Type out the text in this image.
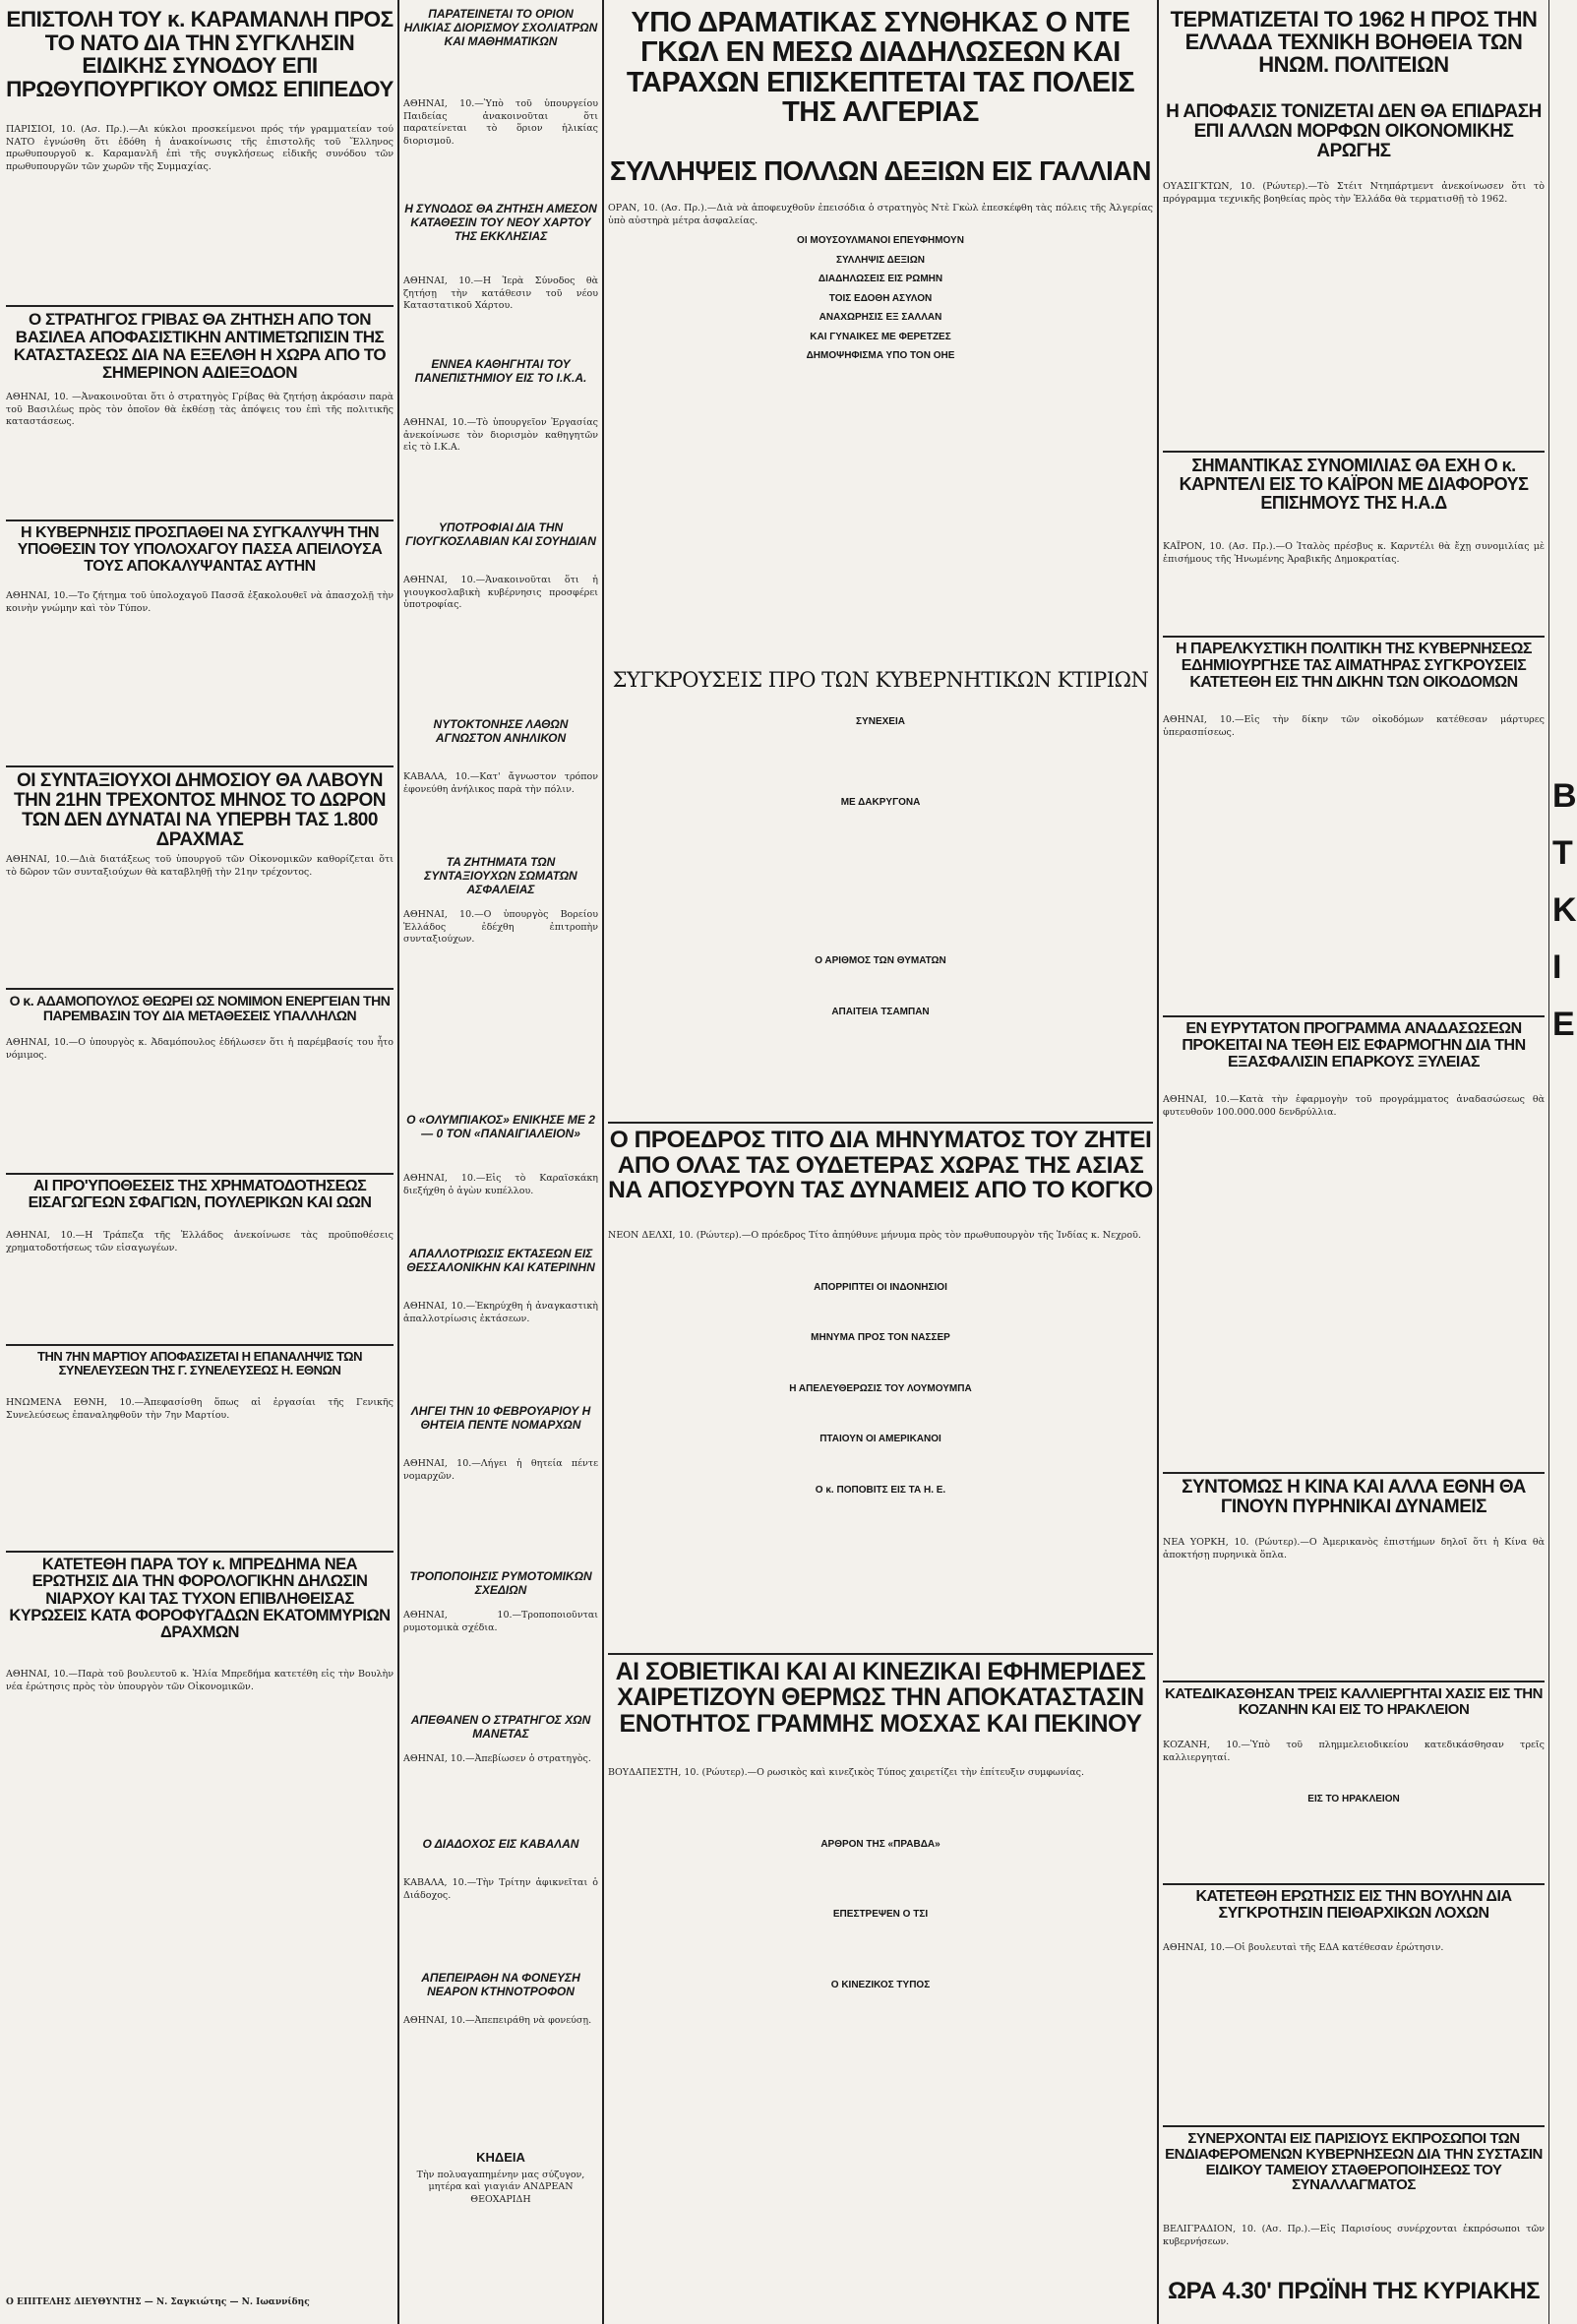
ΕΠΙΣΤΟΛΗ ΤΟΥ κ. ΚΑΡΑΜΑΝΛΗ ΠΡΟΣ ΤΟ ΝΑΤΟ ΔΙΑ ΤΗΝ ΣΥΓΚΛΗΣΙΝ ΕΙΔΙΚΗΣ ΣΥΝΟΔΟΥ ΕΠΙ ΠΡΩΘΥΠΟΥΡΓΙΚΟΥ ΟΜΩΣ ΕΠΙΠΕΔΟΥ

ΠΑΡΙΣΙΟΙ, 10. (Ασ. Πρ.).—Αι κύκλοι προσκείμενοι πρός τήν γραμματείαν τού ΝΑΤΟ ἐγνώσθη ὅτι ἐδόθη ἡ ἀνακοίνωσις τῆς ἐπιστολῆς τοῦ Ἕλληνος πρωθυπουργοῦ κ. Καραμανλῆ ἐπὶ τῆς συγκλήσεως εἰδικῆς συνόδου τῶν πρωθυπουργῶν τῶν χωρῶν τῆς Συμμαχίας.

Ο ΣΤΡΑΤΗΓΟΣ ΓΡΙΒΑΣ ΘΑ ΖΗΤΗΣΗ ΑΠΟ ΤΟΝ ΒΑΣΙΛΕΑ ΑΠΟΦΑΣΙΣΤΙΚΗΝ ΑΝΤΙΜΕΤΩΠΙΣΙΝ ΤΗΣ ΚΑΤΑΣΤΑΣΕΩΣ ΔΙΑ ΝΑ ΕΞΕΛΘΗ Η ΧΩΡΑ ΑΠΟ ΤΟ ΣΗΜΕΡΙΝΟΝ ΑΔΙΕΞΟΔΟΝ

ΑΘΗΝΑΙ, 10. —Ἀνακοινοῦται ὅτι ὁ στρατηγὸς Γρίβας θὰ ζητήσῃ ἀκρόασιν παρὰ τοῦ Βασιλέως πρὸς τὸν ὁποῖον θὰ ἐκθέσῃ τὰς ἀπόψεις του ἐπὶ τῆς πολιτικῆς καταστάσεως.

Η ΚΥΒΕΡΝΗΣΙΣ ΠΡΟΣΠΑΘΕΙ ΝΑ ΣΥΓΚΑΛΥΨΗ ΤΗΝ ΥΠΟΘΕΣΙΝ ΤΟΥ ΥΠΟΛΟΧΑΓΟΥ ΠΑΣΣΑ ΑΠΕΙΛΟΥΣΑ ΤΟΥΣ ΑΠΟΚΑΛΥΨΑΝΤΑΣ ΑΥΤΗΝ

ΑΘΗΝΑΙ, 10.—Το ζήτημα τοῦ ὑπολοχαγοῦ Πασσᾶ ἐξακολουθεῖ νὰ ἀπασχολῇ τὴν κοινὴν γνώμην καὶ τὸν Τύπον.

ΟΙ ΣΥΝΤΑΞΙΟΥΧΟΙ ΔΗΜΟΣΙΟΥ ΘΑ ΛΑΒΟΥΝ ΤΗΝ 21ΗΝ ΤΡΕΧΟΝΤΟΣ ΜΗΝΟΣ ΤΟ ΔΩΡΟΝ ΤΩΝ ΔΕΝ ΔΥΝΑΤΑΙ ΝΑ ΥΠΕΡΒΗ ΤΑΣ 1.800 ΔΡΑΧΜΑΣ

ΑΘΗΝΑΙ, 10.—Διὰ διατάξεως τοῦ ὑπουργοῦ τῶν Οἰκονομικῶν καθορίζεται ὅτι τὸ δῶρον τῶν συνταξιούχων θὰ καταβληθῇ τὴν 21ην τρέχοντος.

Ο κ. ΑΔΑΜΟΠΟΥΛΟΣ ΘΕΩΡΕΙ ΩΣ ΝΟΜΙΜΟΝ ΕΝΕΡΓΕΙΑΝ ΤΗΝ ΠΑΡΕΜΒΑΣΙΝ ΤΟΥ ΔΙΑ ΜΕΤΑΘΕΣΕΙΣ ΥΠΑΛΛΗΛΩΝ

ΑΘΗΝΑΙ, 10.—Ο ὑπουργὸς κ. Ἀδαμόπουλος ἐδήλωσεν ὅτι ἡ παρέμβασίς του ἦτο νόμιμος.

ΑΙ ΠΡΟ'ΥΠΟΘΕΣΕΙΣ ΤΗΣ ΧΡΗΜΑΤΟΔΟΤΗΣΕΩΣ ΕΙΣΑΓΩΓΕΩΝ ΣΦΑΓΙΩΝ, ΠΟΥΛΕΡΙΚΩΝ ΚΑΙ ΩΩΝ

ΑΘΗΝΑΙ, 10.—Η Τράπεζα τῆς Ἑλλάδος ἀνεκοίνωσε τὰς προϋποθέσεις χρηματοδοτήσεως τῶν εἰσαγωγέων.

ΤΗΝ 7ΗΝ ΜΑΡΤΙΟΥ ΑΠΟΦΑΣΙΖΕΤΑΙ Η ΕΠΑΝΑΛΗΨΙΣ ΤΩΝ ΣΥΝΕΛΕΥΣΕΩΝ ΤΗΣ Γ. ΣΥΝΕΛΕΥΣΕΩΣ Η. ΕΘΝΩΝ

ΗΝΩΜΕΝΑ ΕΘΝΗ, 10.—Ἀπεφασίσθη ὅπως αἱ ἐργασίαι τῆς Γενικῆς Συνελεύσεως ἐπαναληφθοῦν τὴν 7ην Μαρτίου.

ΚΑΤΕΤΕΘΗ ΠΑΡΑ ΤΟΥ κ. ΜΠΡΕΔΗΜΑ ΝΕΑ ΕΡΩΤΗΣΙΣ ΔΙΑ ΤΗΝ ΦΟΡΟΛΟΓΙΚΗΝ ΔΗΛΩΣΙΝ ΝΙΑΡΧΟΥ ΚΑΙ ΤΑΣ ΤΥΧΟΝ ΕΠΙΒΛΗΘΕΙΣΑΣ ΚΥΡΩΣΕΙΣ ΚΑΤΑ ΦΟΡΟΦΥΓΑΔΩΝ ΕΚΑΤΟΜΜΥΡΙΩΝ ΔΡΑΧΜΩΝ

ΑΘΗΝΑΙ, 10.—Παρὰ τοῦ βουλευτοῦ κ. Ἠλία Μπρεδήμα κατετέθη εἰς τὴν Βουλὴν νέα ἐρώτησις πρὸς τὸν ὑπουργὸν τῶν Οἰκονομικῶν.

Ο ΕΠΙΤΕΛΗΣ ΔΙΕΥΘΥΝΤΗΣ — Ν. Σαγκιώτης — Ν. Ιωαννίδης

ΠΑΡΑΤΕΙΝΕΤΑΙ ΤΟ ΟΡΙΟΝ ΗΛΙΚΙΑΣ ΔΙΟΡΙΣΜΟΥ ΣΧΟΛΙΑΤΡΩΝ ΚΑΙ ΜΑΘΗΜΑΤΙΚΩΝ

ΑΘΗΝΑΙ, 10.—Ὑπὸ τοῦ ὑπουργείου Παιδείας ἀνακοινοῦται ὅτι παρατείνεται τὸ ὅριον ἡλικίας διορισμοῦ.

Η ΣΥΝΟΔΟΣ ΘΑ ΖΗΤΗΣΗ ΑΜΕΣΟΝ ΚΑΤΑΘΕΣΙΝ ΤΟΥ ΝΕΟΥ ΧΑΡΤΟΥ ΤΗΣ ΕΚΚΛΗΣΙΑΣ

ΑΘΗΝΑΙ, 10.—Η Ἱερὰ Σύνοδος θὰ ζητήσῃ τὴν κατάθεσιν τοῦ νέου Καταστατικοῦ Χάρτου.

ΕΝΝΕΑ ΚΑΘΗΓΗΤΑΙ ΤΟΥ ΠΑΝΕΠΙΣΤΗΜΙΟΥ ΕΙΣ ΤΟ Ι.Κ.Α.

ΑΘΗΝΑΙ, 10.—Τὸ ὑπουργεῖον Ἐργασίας ἀνεκοίνωσε τὸν διορισμὸν καθηγητῶν εἰς τὸ Ι.Κ.Α.

ΥΠΟΤΡΟΦΙΑΙ ΔΙΑ ΤΗΝ ΓΙΟΥΓΚΟΣΛΑΒΙΑΝ ΚΑΙ ΣΟΥΗΔΙΑΝ

ΑΘΗΝΑΙ, 10.—Ἀνακοινοῦται ὅτι ἡ γιουγκοσλαβικὴ κυβέρνησις προσφέρει ὑποτροφίας.

ΝΥΤΟΚΤΟΝΗΣΕ ΛΑΘΩΝ ΑΓΝΩΣΤΟΝ ΑΝΗΛΙΚΟΝ

ΚΑΒΑΛΑ, 10.—Κατ' ἄγνωστον τρόπον ἐφονεύθη ἀνήλικος παρὰ τὴν πόλιν.

ΤΑ ΖΗΤΗΜΑΤΑ ΤΩΝ ΣΥΝΤΑΞΙΟΥΧΩΝ ΣΩΜΑΤΩΝ ΑΣΦΑΛΕΙΑΣ

ΑΘΗΝΑΙ, 10.—Ο ὑπουργὸς Βορείου Ἑλλάδος ἐδέχθη ἐπιτροπὴν συνταξιούχων.

Ο «ΟΛΥΜΠΙΑΚΟΣ» ΕΝΙΚΗΣΕ ΜΕ 2 — 0 ΤΟΝ «ΠΑΝΑΙΓΙΑΛΕΙΟΝ»

ΑΘΗΝΑΙ, 10.—Εἰς τὸ Καραϊσκάκη διεξήχθη ὁ ἀγὼν κυπέλλου.

ΑΠΑΛΛΟΤΡΙΩΣΙΣ ΕΚΤΑΣΕΩΝ ΕΙΣ ΘΕΣΣΑΛΟΝΙΚΗΝ ΚΑΙ ΚΑΤΕΡΙΝΗΝ

ΑΘΗΝΑΙ, 10.—Ἐκηρύχθη ἡ ἀναγκαστικὴ ἀπαλλοτρίωσις ἐκτάσεων.

ΛΗΓΕΙ ΤΗΝ 10 ΦΕΒΡΟΥΑΡΙΟΥ Η ΘΗΤΕΙΑ ΠΕΝΤΕ ΝΟΜΑΡΧΩΝ

ΑΘΗΝΑΙ, 10.—Λήγει ἡ θητεία πέντε νομαρχῶν.

ΤΡΟΠΟΠΟΙΗΣΙΣ ΡΥΜΟΤΟΜΙΚΩΝ ΣΧΕΔΙΩΝ

ΑΘΗΝΑΙ, 10.—Τροποποιοῦνται ρυμοτομικὰ σχέδια.

ΑΠΕΘΑΝΕΝ Ο ΣΤΡΑΤΗΓΟΣ ΧΩΝ ΜΑΝΕΤΑΣ

ΑΘΗΝΑΙ, 10.—Ἀπεβίωσεν ὁ στρατηγὸς.

Ο ΔΙΑΔΟΧΟΣ ΕΙΣ ΚΑΒΑΛΑΝ

ΚΑΒΑΛΑ, 10.—Τὴν Τρίτην ἀφικνεῖται ὁ Διάδοχος.

ΑΠΕΠΕΙΡΑΘΗ ΝΑ ΦΟΝΕΥΣΗ ΝΕΑΡΟΝ ΚΤΗΝΟΤΡΟΦΟΝ

ΑΘΗΝΑΙ, 10.—Ἀπεπειράθη νὰ φονεύσῃ.

ΚΗΔΕΙΑ

Τὴν πολυαγαπημένην μας σύζυγον, μητέρα καὶ γιαγιάν ΑΝΔΡΕΑΝ ΘΕΟΧΑΡΙΔΗ

ΥΠΟ ΔΡΑΜΑΤΙΚΑΣ ΣΥΝΘΗΚΑΣ Ο ΝΤΕ ΓΚΩΛ ΕΝ ΜΕΣΩ ΔΙΑΔΗΛΩΣΕΩΝ ΚΑΙ ΤΑΡΑΧΩΝ ΕΠΙΣΚΕΠΤΕΤΑΙ ΤΑΣ ΠΟΛΕΙΣ ΤΗΣ ΑΛΓΕΡΙΑΣ

ΣΥΛΛΗΨΕΙΣ ΠΟΛΛΩΝ ΔΕΞΙΩΝ ΕΙΣ ΓΑΛΛΙΑΝ

ΟΡΑΝ, 10. (Ασ. Πρ.).—Διὰ νὰ ἀποφευχθοῦν ἐπεισόδια ὁ στρατηγὸς Ντὲ Γκὼλ ἐπεσκέφθη τὰς πόλεις τῆς Ἀλγερίας ὑπὸ αὐστηρὰ μέτρα ἀσφαλείας.

ΟΙ ΜΟΥΣΟΥΛΜΑΝΟΙ ΕΠΕΥΦΗΜΟΥΝ

ΣΥΛΛΗΨΙΣ ΔΕΞΙΩΝ

ΔΙΑΔΗΛΩΣΕΙΣ ΕΙΣ ΡΩΜΗΝ

ΤΟΙΣ ΕΔΟΘΗ ΑΣΥΛΟΝ

ΑΝΑΧΩΡΗΣΙΣ ΕΞ ΣΑΛΛΑΝ

ΚΑΙ ΓΥΝΑΙΚΕΣ ΜΕ ΦΕΡΕΤΖΕΣ

ΔΗΜΟΨΗΦΙΣΜΑ ΥΠΟ ΤΟΝ ΟΗΕ

ΣΥΓΚΡΟΥΣΕΙΣ ΠΡΟ ΤΩΝ ΚΥΒΕΡΝΗΤΙΚΩΝ ΚΤΙΡΙΩΝ

ΣΥΝΕΧΕΙΑ

ΜΕ ΔΑΚΡΥΓΟΝΑ

Ο ΑΡΙΘΜΟΣ ΤΩΝ ΘΥΜΑΤΩΝ

ΑΠΑΙΤΕΙΑ ΤΣΑΜΠΑΝ

Ο ΠΡΟΕΔΡΟΣ ΤΙΤΟ ΔΙΑ ΜΗΝΥΜΑΤΟΣ ΤΟΥ ΖΗΤΕΙ ΑΠΟ ΟΛΑΣ ΤΑΣ ΟΥΔΕΤΕΡΑΣ ΧΩΡΑΣ ΤΗΣ ΑΣΙΑΣ ΝΑ ΑΠΟΣΥΡΟΥΝ ΤΑΣ ΔΥΝΑΜΕΙΣ ΑΠΟ ΤΟ ΚΟΓΚΟ

ΝΕΟΝ ΔΕΛΧΙ, 10. (Ρώυτερ).—Ο πρόεδρος Τίτο ἀπηύθυνε μήνυμα πρὸς τὸν πρωθυπουργὸν τῆς Ἰνδίας κ. Νεχροῦ.

ΑΠΟΡΡΙΠΤΕΙ ΟΙ ΙΝΔΟΝΗΣΙΟΙ

ΜΗΝΥΜΑ ΠΡΟΣ ΤΟΝ ΝΑΣΣΕΡ

Η ΑΠΕΛΕΥΘΕΡΩΣΙΣ ΤΟΥ ΛΟΥΜΟΥΜΠΑ

ΠΤΑΙΟΥΝ ΟΙ ΑΜΕΡΙΚΑΝΟΙ

Ο κ. ΠΟΠΟΒΙΤΣ ΕΙΣ ΤΑ Η. Ε.

ΑΙ ΣΟΒΙΕΤΙΚΑΙ ΚΑΙ ΑΙ ΚΙΝΕΖΙΚΑΙ ΕΦΗΜΕΡΙΔΕΣ ΧΑΙΡΕΤΙΖΟΥΝ ΘΕΡΜΩΣ ΤΗΝ ΑΠΟΚΑΤΑΣΤΑΣΙΝ ΕΝΟΤΗΤΟΣ ΓΡΑΜΜΗΣ ΜΟΣΧΑΣ ΚΑΙ ΠΕΚΙΝΟΥ

ΒΟΥΔΑΠΕΣΤΗ, 10. (Ρώυτερ).—Ο ρωσικὸς καὶ κινεζικὸς Τύπος χαιρετίζει τὴν ἐπίτευξιν συμφωνίας.

ΑΡΘΡΟΝ ΤΗΣ «ΠΡΑΒΔΑ»

ΕΠΕΣΤΡΕΨΕΝ Ο ΤΣΙ

Ο ΚΙΝΕΖΙΚΟΣ ΤΥΠΟΣ

ΤΕΡΜΑΤΙΖΕΤΑΙ ΤΟ 1962 Η ΠΡΟΣ ΤΗΝ ΕΛΛΑΔΑ ΤΕΧΝΙΚΗ ΒΟΗΘΕΙΑ ΤΩΝ ΗΝΩΜ. ΠΟΛΙΤΕΙΩΝ

Η ΑΠΟΦΑΣΙΣ ΤΟΝΙΖΕΤΑΙ ΔΕΝ ΘΑ ΕΠΙΔΡΑΣΗ ΕΠΙ ΑΛΛΩΝ ΜΟΡΦΩΝ ΟΙΚΟΝΟΜΙΚΗΣ ΑΡΩΓΗΣ

ΟΥΑΣΙΓΚΤΩΝ, 10. (Ρώυτερ).—Τὸ Στέιτ Ντηπάρτμεντ ἀνεκοίνωσεν ὅτι τὸ πρόγραμμα τεχνικῆς βοηθείας πρὸς τὴν Ἑλλάδα θὰ τερματισθῇ τὸ 1962.

ΣΗΜΑΝΤΙΚΑΣ ΣΥΝΟΜΙΛΙΑΣ ΘΑ ΕΧΗ Ο κ. ΚΑΡΝΤΕΛΙ ΕΙΣ ΤΟ ΚΑΪΡΟΝ ΜΕ ΔΙΑΦΟΡΟΥΣ ΕΠΙΣΗΜΟΥΣ ΤΗΣ Η.Α.Δ

ΚΑΪΡΟΝ, 10. (Ασ. Πρ.).—Ο Ἰταλὸς πρέσβυς κ. Καρντέλι θὰ ἔχῃ συνομιλίας μὲ ἐπισήμους τῆς Ἡνωμένης Ἀραβικῆς Δημοκρατίας.

Η ΠΑΡΕΛΚΥΣΤΙΚΗ ΠΟΛΙΤΙΚΗ ΤΗΣ ΚΥΒΕΡΝΗΣΕΩΣ ΕΔΗΜΙΟΥΡΓΗΣΕ ΤΑΣ ΑΙΜΑΤΗΡΑΣ ΣΥΓΚΡΟΥΣΕΙΣ ΚΑΤΕΤΕΘΗ ΕΙΣ ΤΗΝ ΔΙΚΗΝ ΤΩΝ ΟΙΚΟΔΟΜΩΝ

ΑΘΗΝΑΙ, 10.—Εἰς τὴν δίκην τῶν οἰκοδόμων κατέθεσαν μάρτυρες ὑπερασπίσεως.

ΕΝ ΕΥΡΥΤΑΤΟΝ ΠΡΟΓΡΑΜΜΑ ΑΝΑΔΑΣΩΣΕΩΝ ΠΡΟΚΕΙΤΑΙ ΝΑ ΤΕΘΗ ΕΙΣ ΕΦΑΡΜΟΓΗΝ ΔΙΑ ΤΗΝ ΕΞΑΣΦΑΛΙΣΙΝ ΕΠΑΡΚΟΥΣ ΞΥΛΕΙΑΣ

ΑΘΗΝΑΙ, 10.—Κατὰ τὴν ἐφαρμογὴν τοῦ προγράμματος ἀναδασώσεως θὰ φυτευθοῦν 100.000.000 δενδρύλλια.

ΣΥΝΤΟΜΩΣ Η ΚΙΝΑ ΚΑΙ ΑΛΛΑ ΕΘΝΗ ΘΑ ΓΙΝΟΥΝ ΠΥΡΗΝΙΚΑΙ ΔΥΝΑΜΕΙΣ

ΝΕΑ ΥΟΡΚΗ, 10. (Ρώυτερ).—Ο Ἀμερικανὸς ἐπιστήμων δηλοῖ ὅτι ἡ Κίνα θὰ ἀποκτήσῃ πυρηνικὰ ὅπλα.

ΚΑΤΕΔΙΚΑΣΘΗΣΑΝ ΤΡΕΙΣ ΚΑΛΛΙΕΡΓΗΤΑΙ ΧΑΣΙΣ ΕΙΣ ΤΗΝ ΚΟΖΑΝΗΝ ΚΑΙ ΕΙΣ ΤΟ ΗΡΑΚΛΕΙΟΝ

ΚΟΖΑΝΗ, 10.—Ὑπὸ τοῦ πλημμελειοδικείου κατεδικάσθησαν τρεῖς καλλιεργηταί.

ΕΙΣ ΤΟ ΗΡΑΚΛΕΙΟΝ

ΚΑΤΕΤΕΘΗ ΕΡΩΤΗΣΙΣ ΕΙΣ ΤΗΝ ΒΟΥΛΗΝ ΔΙΑ ΣΥΓΚΡΟΤΗΣΙΝ ΠΕΙΘΑΡΧΙΚΩΝ ΛΟΧΩΝ

ΑΘΗΝΑΙ, 10.—Οἱ βουλευταὶ τῆς ΕΔΑ κατέθεσαν ἐρώτησιν.

ΣΥΝΕΡΧΟΝΤΑΙ ΕΙΣ ΠΑΡΙΣΙΟΥΣ ΕΚΠΡΟΣΩΠΟΙ ΤΩΝ ΕΝΔΙΑΦΕΡΟΜΕΝΩΝ ΚΥΒΕΡΝΗΣΕΩΝ ΔΙΑ ΤΗΝ ΣΥΣΤΑΣΙΝ ΕΙΔΙΚΟΥ ΤΑΜΕΙΟΥ ΣΤΑΘΕΡΟΠΟΙΗΣΕΩΣ ΤΟΥ ΣΥΝΑΛΛΑΓΜΑΤΟΣ

ΒΕΛΙΓΡΑΔΙΟΝ, 10. (Ασ. Πρ.).—Εἰς Παρισίους συνέρχονται ἐκπρόσωποι τῶν κυβερνήσεων.

ΩΡΑ 4.30' ΠΡΩΪΝΗ ΤΗΣ ΚΥΡΙΑΚΗΣ

Β
Τ
Κ
Ι
Ε
